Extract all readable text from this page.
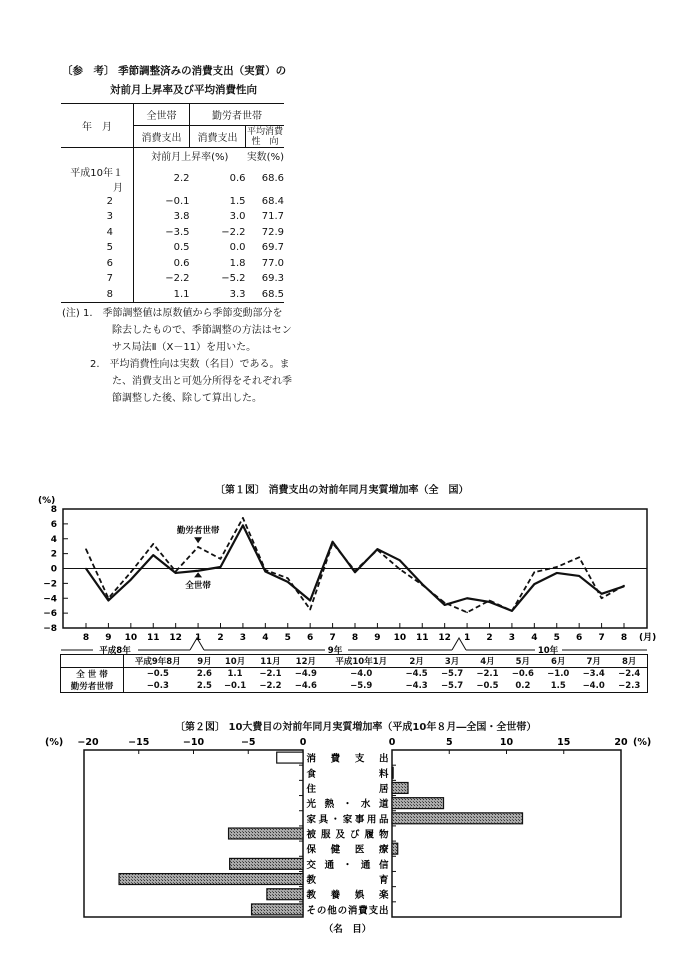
〔参　考〕 季節調整済みの消費支出（実質）の
対前月上昇率及び平均消費性向
年　月	全世帯	勤労者世帯	
	消費支出	消費支出	平均消費性　向
	対前月上昇率(%)		実数(%)
平成10年１月	2.2	0.6	68.6
2	−0.1	1.5	68.4
3	3.8	3.0	71.7
4	−3.5	−2.2	72.9
5	0.5	0.0	69.7
6	0.6	1.8	77.0
7	−2.2	−5.2	69.3
8	1.1	3.3	68.5
(注) 1.　季節調整値は原数値から季節変動部分を除去したもので、季節調整の方法はセンサス局法Ⅱ（X－11）を用いた。
2.　平均消費性向は実数（名目）である。また、消費支出と可処分所得をそれぞれ季節調整した後、除して算出した。
〔第１図〕 消費支出の対前年同月実質増加率（全　国）
(%)
8
6
4
2
0
−2
−4
−6
−8
8 9 10 11 12 1 2 3 4 5 6 7 8 9 10 11 12 1 2 3 4 5 6 7 8 (月)
平成8年	9年	10年
勤労者世帯
全世帯
	平成9年8月	9月	10月	11月	12月	平成10年1月	2月	3月	4月	5月	6月	7月	8月
全 世 帯	−0.5	2.6	1.1	−2.1	−4.9	−4.0	−4.5	−5.7	−2.1	−0.6	−1.0	−3.4	−2.4
勤労者世帯	−0.3	2.5	−0.1	−2.2	−4.6	−5.9	−4.3	−5.7	−0.5	0.2	1.5	−4.0	−2.3
〔第２図〕 10大費目の対前年同月実質増加率（平成10年８月―全国・全世帯）
(%) −20	−15	−10	−5	0	0	5	10	15	20 (%)
消費支出
食料
住居
光熱・水道
家具・家事用品
被服及び履物
保健医療
交通・通信
教育
教養娯楽
その他の消費支出
（名　目）
